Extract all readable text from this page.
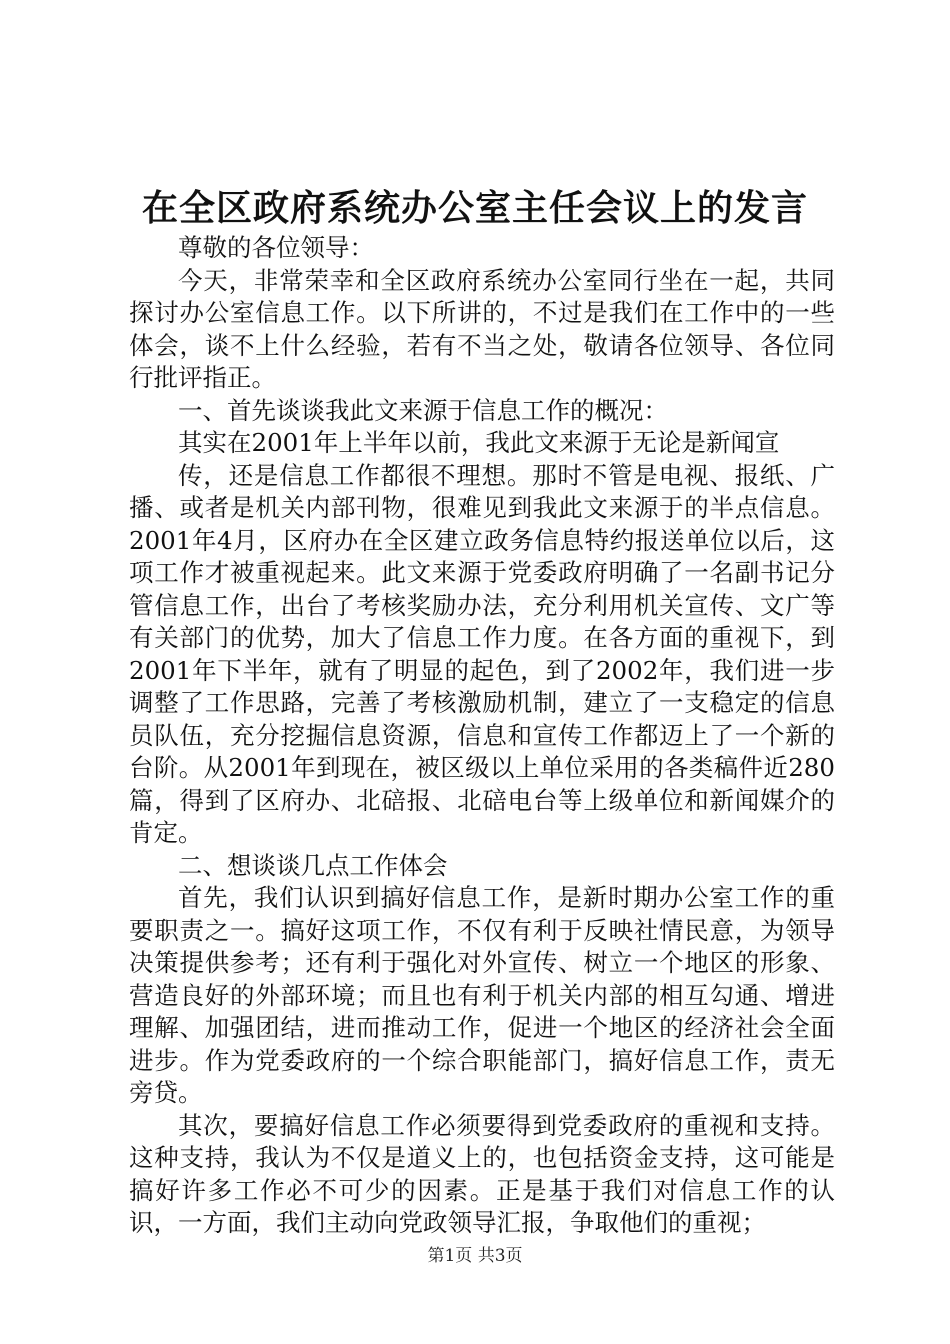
在全区政府系统办公室主任会议上的发言

尊敬的各位领导：

今天，非常荣幸和全区政府系统办公室同行坐在一起，共同探讨办公室信息工作。以下所讲的，不过是我们在工作中的一些体会，谈不上什么经验，若有不当之处，敬请各位领导、各位同行批评指正。

一、首先谈谈我此文来源于信息工作的概况：

其实在2001年上半年以前，我此文来源于无论是新闻宣

传，还是信息工作都很不理想。那时不管是电视、报纸、广播、或者是机关内部刊物，很难见到我此文来源于的半点信息。2001年4月，区府办在全区建立政务信息特约报送单位以后，这项工作才被重视起来。此文来源于党委政府明确了一名副书记分管信息工作，出台了考核奖励办法，充分利用机关宣传、文广等有关部门的优势，加大了信息工作力度。在各方面的重视下，到2001年下半年，就有了明显的起色，到了2002年，我们进一步调整了工作思路，完善了考核激励机制，建立了一支稳定的信息员队伍，充分挖掘信息资源，信息和宣传工作都迈上了一个新的台阶。从2001年到现在，被区级以上单位采用的各类稿件近280篇，得到了区府办、北碚报、北碚电台等上级单位和新闻媒介的肯定。

二、想谈谈几点工作体会

首先，我们认识到搞好信息工作，是新时期办公室工作的重要职责之一。搞好这项工作，不仅有利于反映社情民意，为领导决策提供参考；还有利于强化对外宣传、树立一个地区的形象、营造良好的外部环境；而且也有利于机关内部的相互勾通、增进理解、加强团结，进而推动工作，促进一个地区的经济社会全面进步。作为党委政府的一个综合职能部门，搞好信息工作，责无旁贷。

其次，要搞好信息工作必须要得到党委政府的重视和支持。这种支持，我认为不仅是道义上的，也包括资金支持，这可能是搞好许多工作必不可少的因素。正是基于我们对信息工作的认识，一方面，我们主动向党政领导汇报，争取他们的重视；

第1页 共3页
